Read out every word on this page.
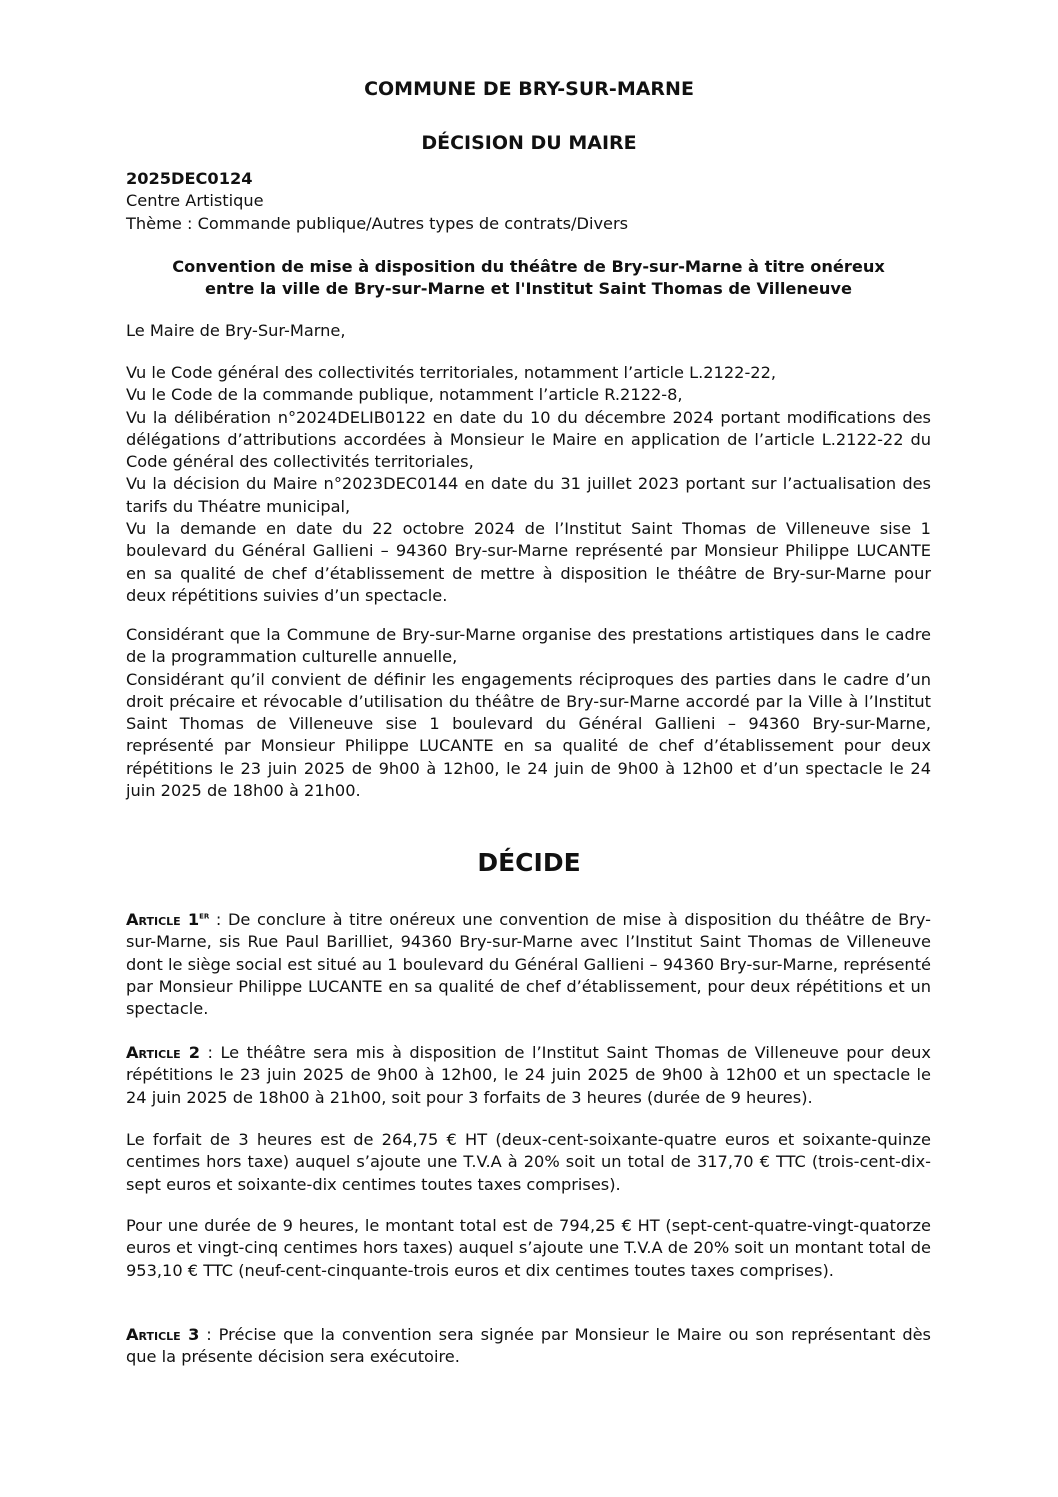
COMMUNE DE BRY-SUR-MARNE
DÉCISION DU MAIRE
2025DEC0124
Centre Artistique
Thème : Commande publique/Autres types de contrats/Divers
Convention de mise à disposition du théâtre de Bry-sur-Marne à titre onéreux
entre la ville de Bry-sur-Marne et l'Institut Saint Thomas de Villeneuve
Le Maire de Bry-Sur-Marne,
Vu le Code général des collectivités territoriales, notamment l’article L.2122-22,
Vu le Code de la commande publique, notamment l’article R.2122-8,
Vu la délibération n°2024DELIB0122 en date du 10 du décembre 2024 portant modifications des délégations d’attributions accordées à Monsieur le Maire en application de l’article L.2122-22 du Code général des collectivités territoriales,
Vu la décision du Maire n°2023DEC0144 en date du 31 juillet 2023 portant sur l’actualisation des tarifs du Théatre municipal,
Vu la demande en date du 22 octobre 2024 de l’Institut Saint Thomas de Villeneuve sise 1 boulevard du Général Gallieni – 94360 Bry-sur-Marne représenté par Monsieur Philippe LUCANTE en sa qualité de chef d’établissement de mettre à disposition le théâtre de Bry-sur-Marne pour deux répétitions suivies d’un spectacle.
Considérant que la Commune de Bry-sur-Marne organise des prestations artistiques dans le cadre de la programmation culturelle annuelle,
Considérant qu’il convient de définir les engagements réciproques des parties dans le cadre d’un droit précaire et révocable d’utilisation du théâtre de Bry-sur-Marne accordé par la Ville à l’Institut Saint Thomas de Villeneuve sise 1 boulevard du Général Gallieni – 94360 Bry-sur-Marne, représenté par Monsieur Philippe LUCANTE en sa qualité de chef d’établissement pour deux répétitions le 23 juin 2025 de 9h00 à 12h00, le 24 juin de 9h00 à 12h00 et d’un spectacle le 24 juin 2025 de 18h00 à 21h00.
DÉCIDE
Article 1er : De conclure à titre onéreux une convention de mise à disposition du théâtre de Bry-sur-Marne, sis Rue Paul Barilliet, 94360 Bry-sur-Marne avec l’Institut Saint Thomas de Villeneuve dont le siège social est situé au 1 boulevard du Général Gallieni – 94360 Bry-sur-Marne, représenté par Monsieur Philippe LUCANTE en sa qualité de chef d’établissement, pour deux répétitions et un spectacle.
Article 2 : Le théâtre sera mis à disposition de l’Institut Saint Thomas de Villeneuve pour deux répétitions le 23 juin 2025 de 9h00 à 12h00, le 24 juin 2025 de 9h00 à 12h00 et un spectacle le 24 juin 2025 de 18h00 à 21h00, soit pour 3 forfaits de 3 heures (durée de 9 heures).
Le forfait de 3 heures est de 264,75 € HT (deux-cent-soixante-quatre euros et soixante-quinze centimes hors taxe) auquel s’ajoute une T.V.A à 20% soit un total de 317,70 € TTC (trois-cent-dix-sept euros et soixante-dix centimes toutes taxes comprises).
Pour une durée de 9 heures, le montant total est de 794,25 € HT (sept-cent-quatre-vingt-quatorze euros et vingt-cinq centimes hors taxes) auquel s’ajoute une T.V.A de 20% soit un montant total de 953,10 € TTC (neuf-cent-cinquante-trois euros et dix centimes toutes taxes comprises).
Article 3 : Précise que la convention sera signée par Monsieur le Maire ou son représentant dès que la présente décision sera exécutoire.
